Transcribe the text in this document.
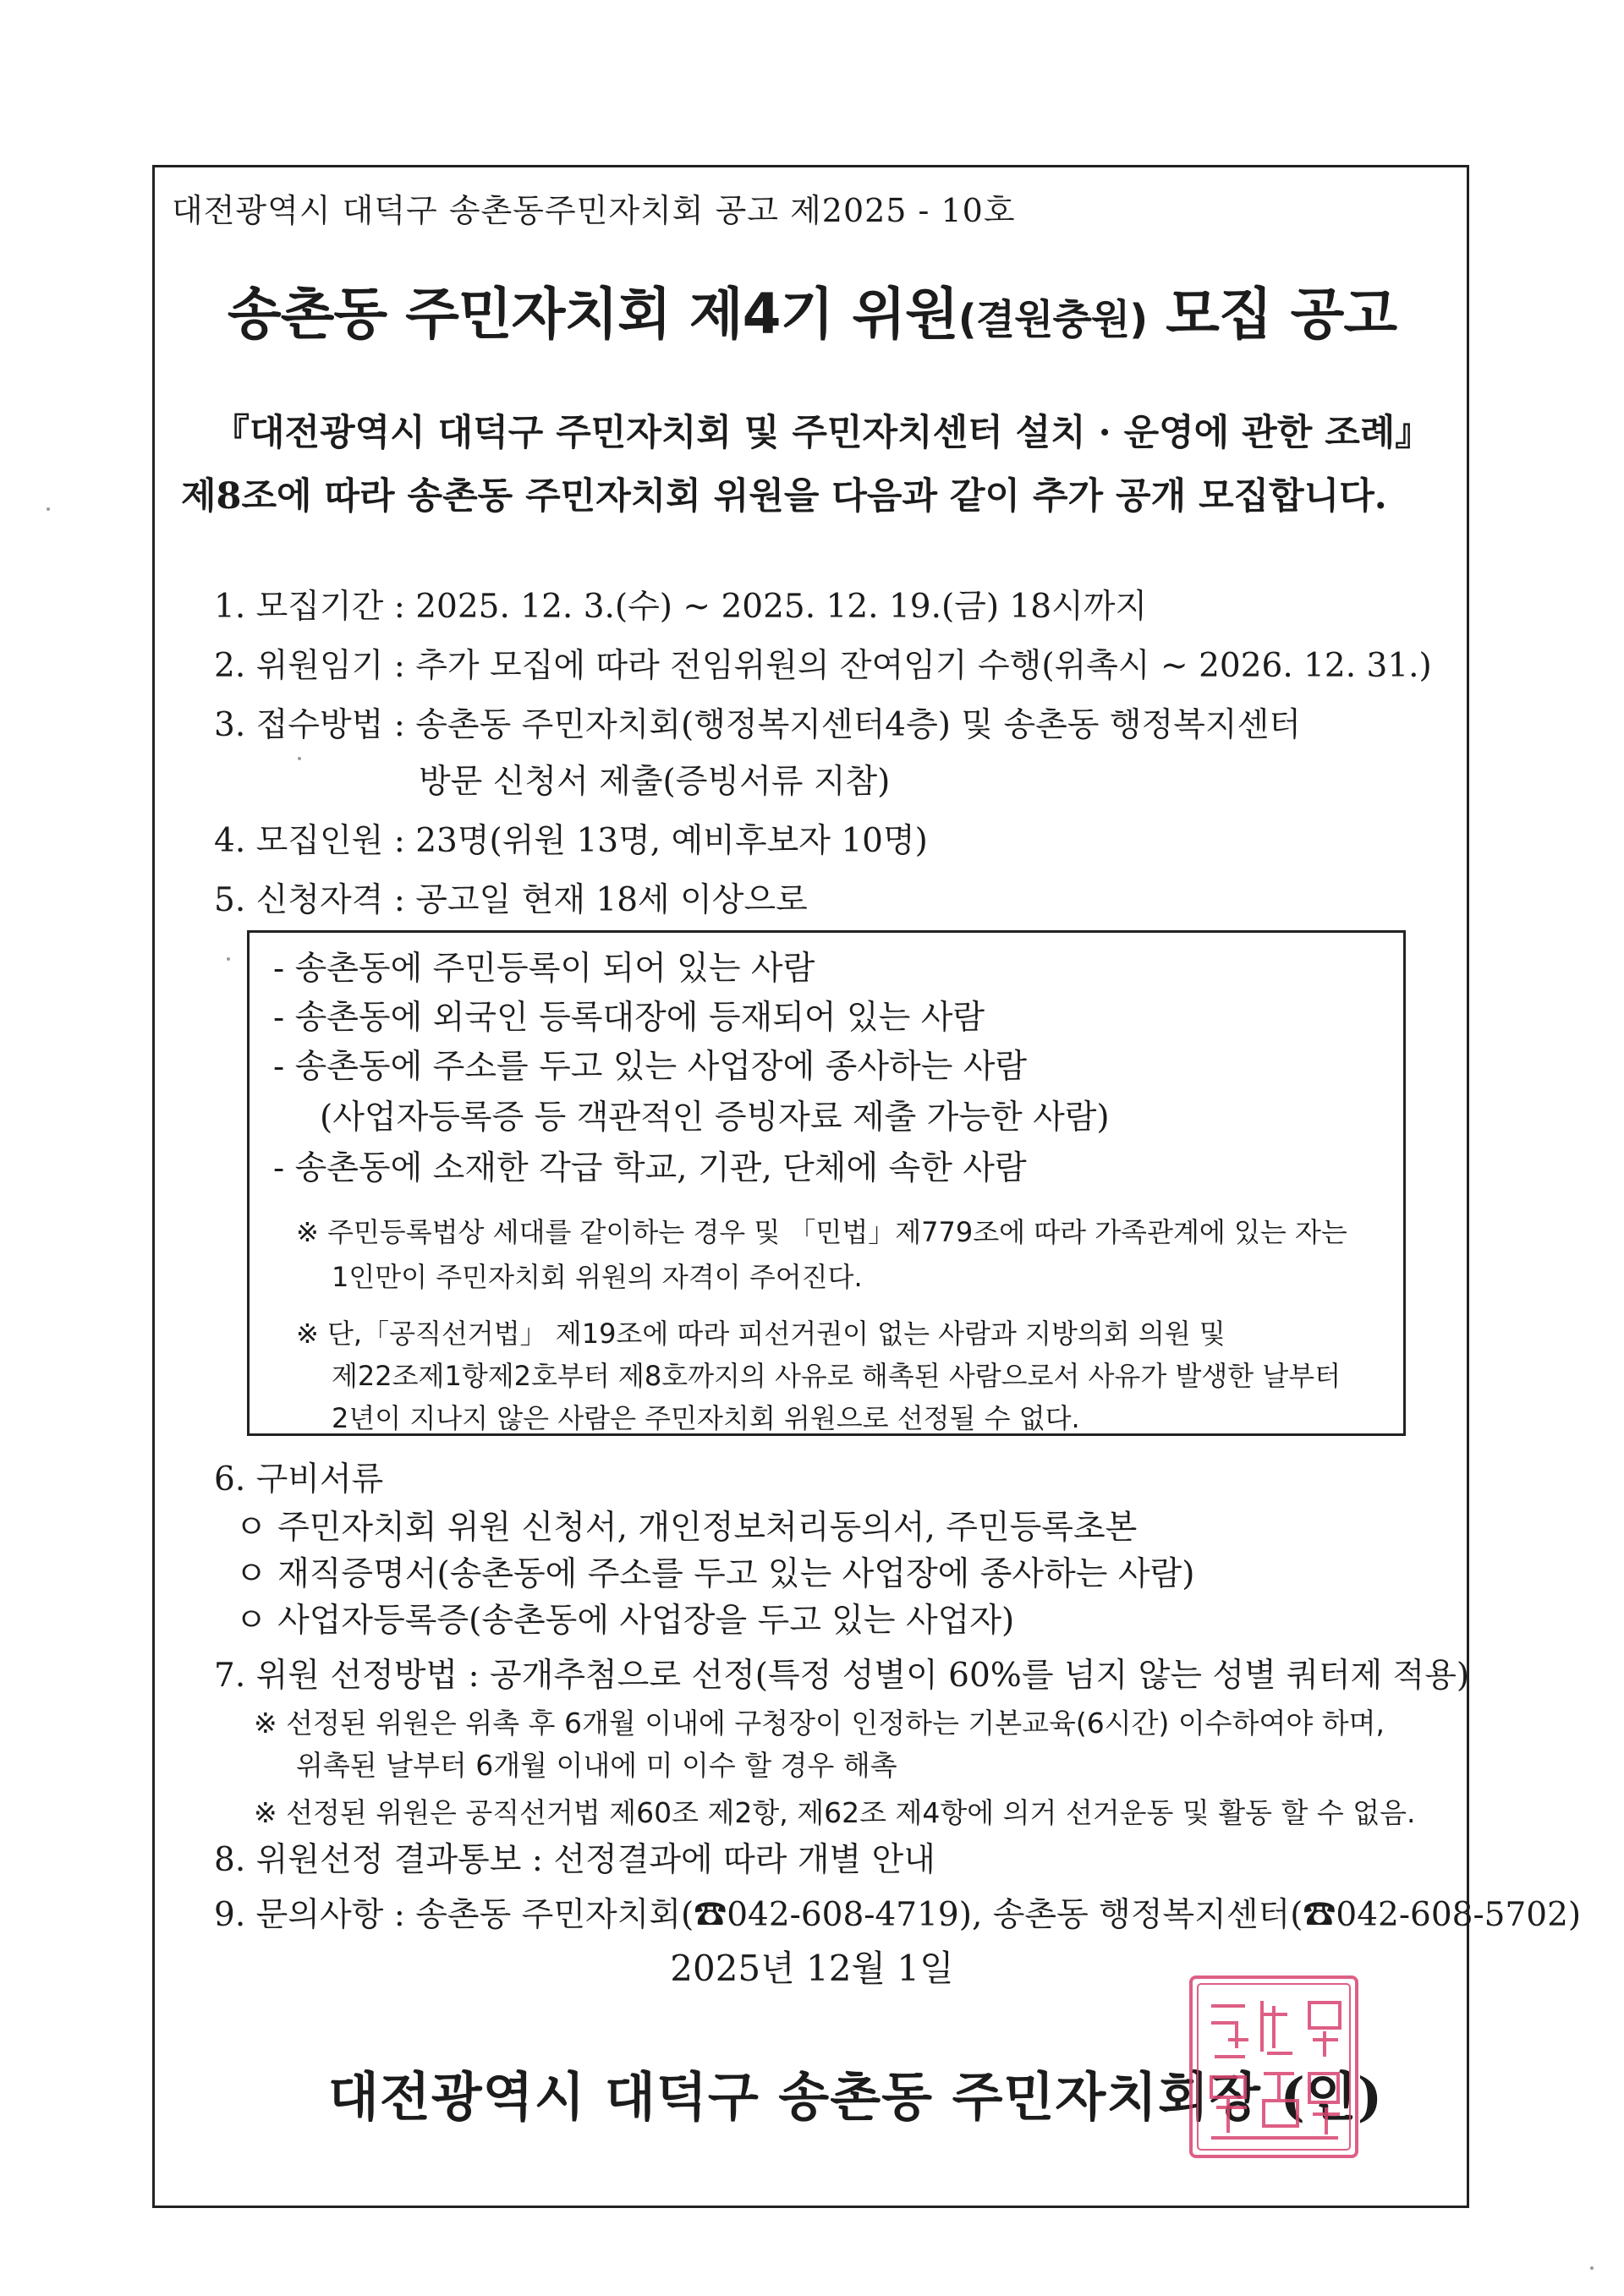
대전광역시 대덕구 송촌동주민자치회 공고 제2025 - 10호
송촌동 주민자치회 제4기 위원(결원충원) 모집 공고
『대전광역시 대덕구 주민자치회 및 주민자치센터 설치 · 운영에 관한 조례』
제8조에 따라 송촌동 주민자치회 위원을 다음과 같이 추가 공개 모집합니다.
1. 모집기간 : 2025. 12. 3.(수) ~ 2025. 12. 19.(금) 18시까지
2. 위원임기 : 추가 모집에 따라 전임위원의 잔여임기 수행(위촉시 ~ 2026. 12. 31.)
3. 접수방법 : 송촌동 주민자치회(행정복지센터4층) 및 송촌동 행정복지센터
방문 신청서 제출(증빙서류 지참)
4. 모집인원 : 23명(위원 13명, 예비후보자 10명)
5. 신청자격 : 공고일 현재 18세 이상으로
- 송촌동에 주민등록이 되어 있는 사람
- 송촌동에 외국인 등록대장에 등재되어 있는 사람
- 송촌동에 주소를 두고 있는 사업장에 종사하는 사람
(사업자등록증 등 객관적인 증빙자료 제출 가능한 사람)
- 송촌동에 소재한 각급 학교, 기관, 단체에 속한 사람
※ 주민등록법상 세대를 같이하는 경우 및 「민법」제779조에 따라 가족관계에 있는 자는
1인만이 주민자치회 위원의 자격이 주어진다.
※ 단,「공직선거법」 제19조에 따라 피선거권이 없는 사람과 지방의회 의원 및
제22조제1항제2호부터 제8호까지의 사유로 해촉된 사람으로서 사유가 발생한 날부터
2년이 지나지 않은 사람은 주민자치회 위원으로 선정될 수 없다.
6. 구비서류
ㅇ 주민자치회 위원 신청서, 개인정보처리동의서, 주민등록초본
ㅇ 재직증명서(송촌동에 주소를 두고 있는 사업장에 종사하는 사람)
ㅇ 사업자등록증(송촌동에 사업장을 두고 있는 사업자)
7. 위원 선정방법 : 공개추첨으로 선정(특정 성별이 60%를 넘지 않는 성별 쿼터제 적용)
※ 선정된 위원은 위촉 후 6개월 이내에 구청장이 인정하는 기본교육(6시간) 이수하여야 하며,
위촉된 날부터 6개월 이내에 미 이수 할 경우 해촉
※ 선정된 위원은 공직선거법 제60조 제2항, 제62조 제4항에 의거 선거운동 및 활동 할 수 없음.
8. 위원선정 결과통보 : 선정결과에 따라 개별 안내
9. 문의사항 : 송촌동 주민자치회(☎042-608-4719), 송촌동 행정복지센터(☎042-608-5702)
2025년 12월 1일
대전광역시 대덕구 송촌동 주민자치회장 (인)
